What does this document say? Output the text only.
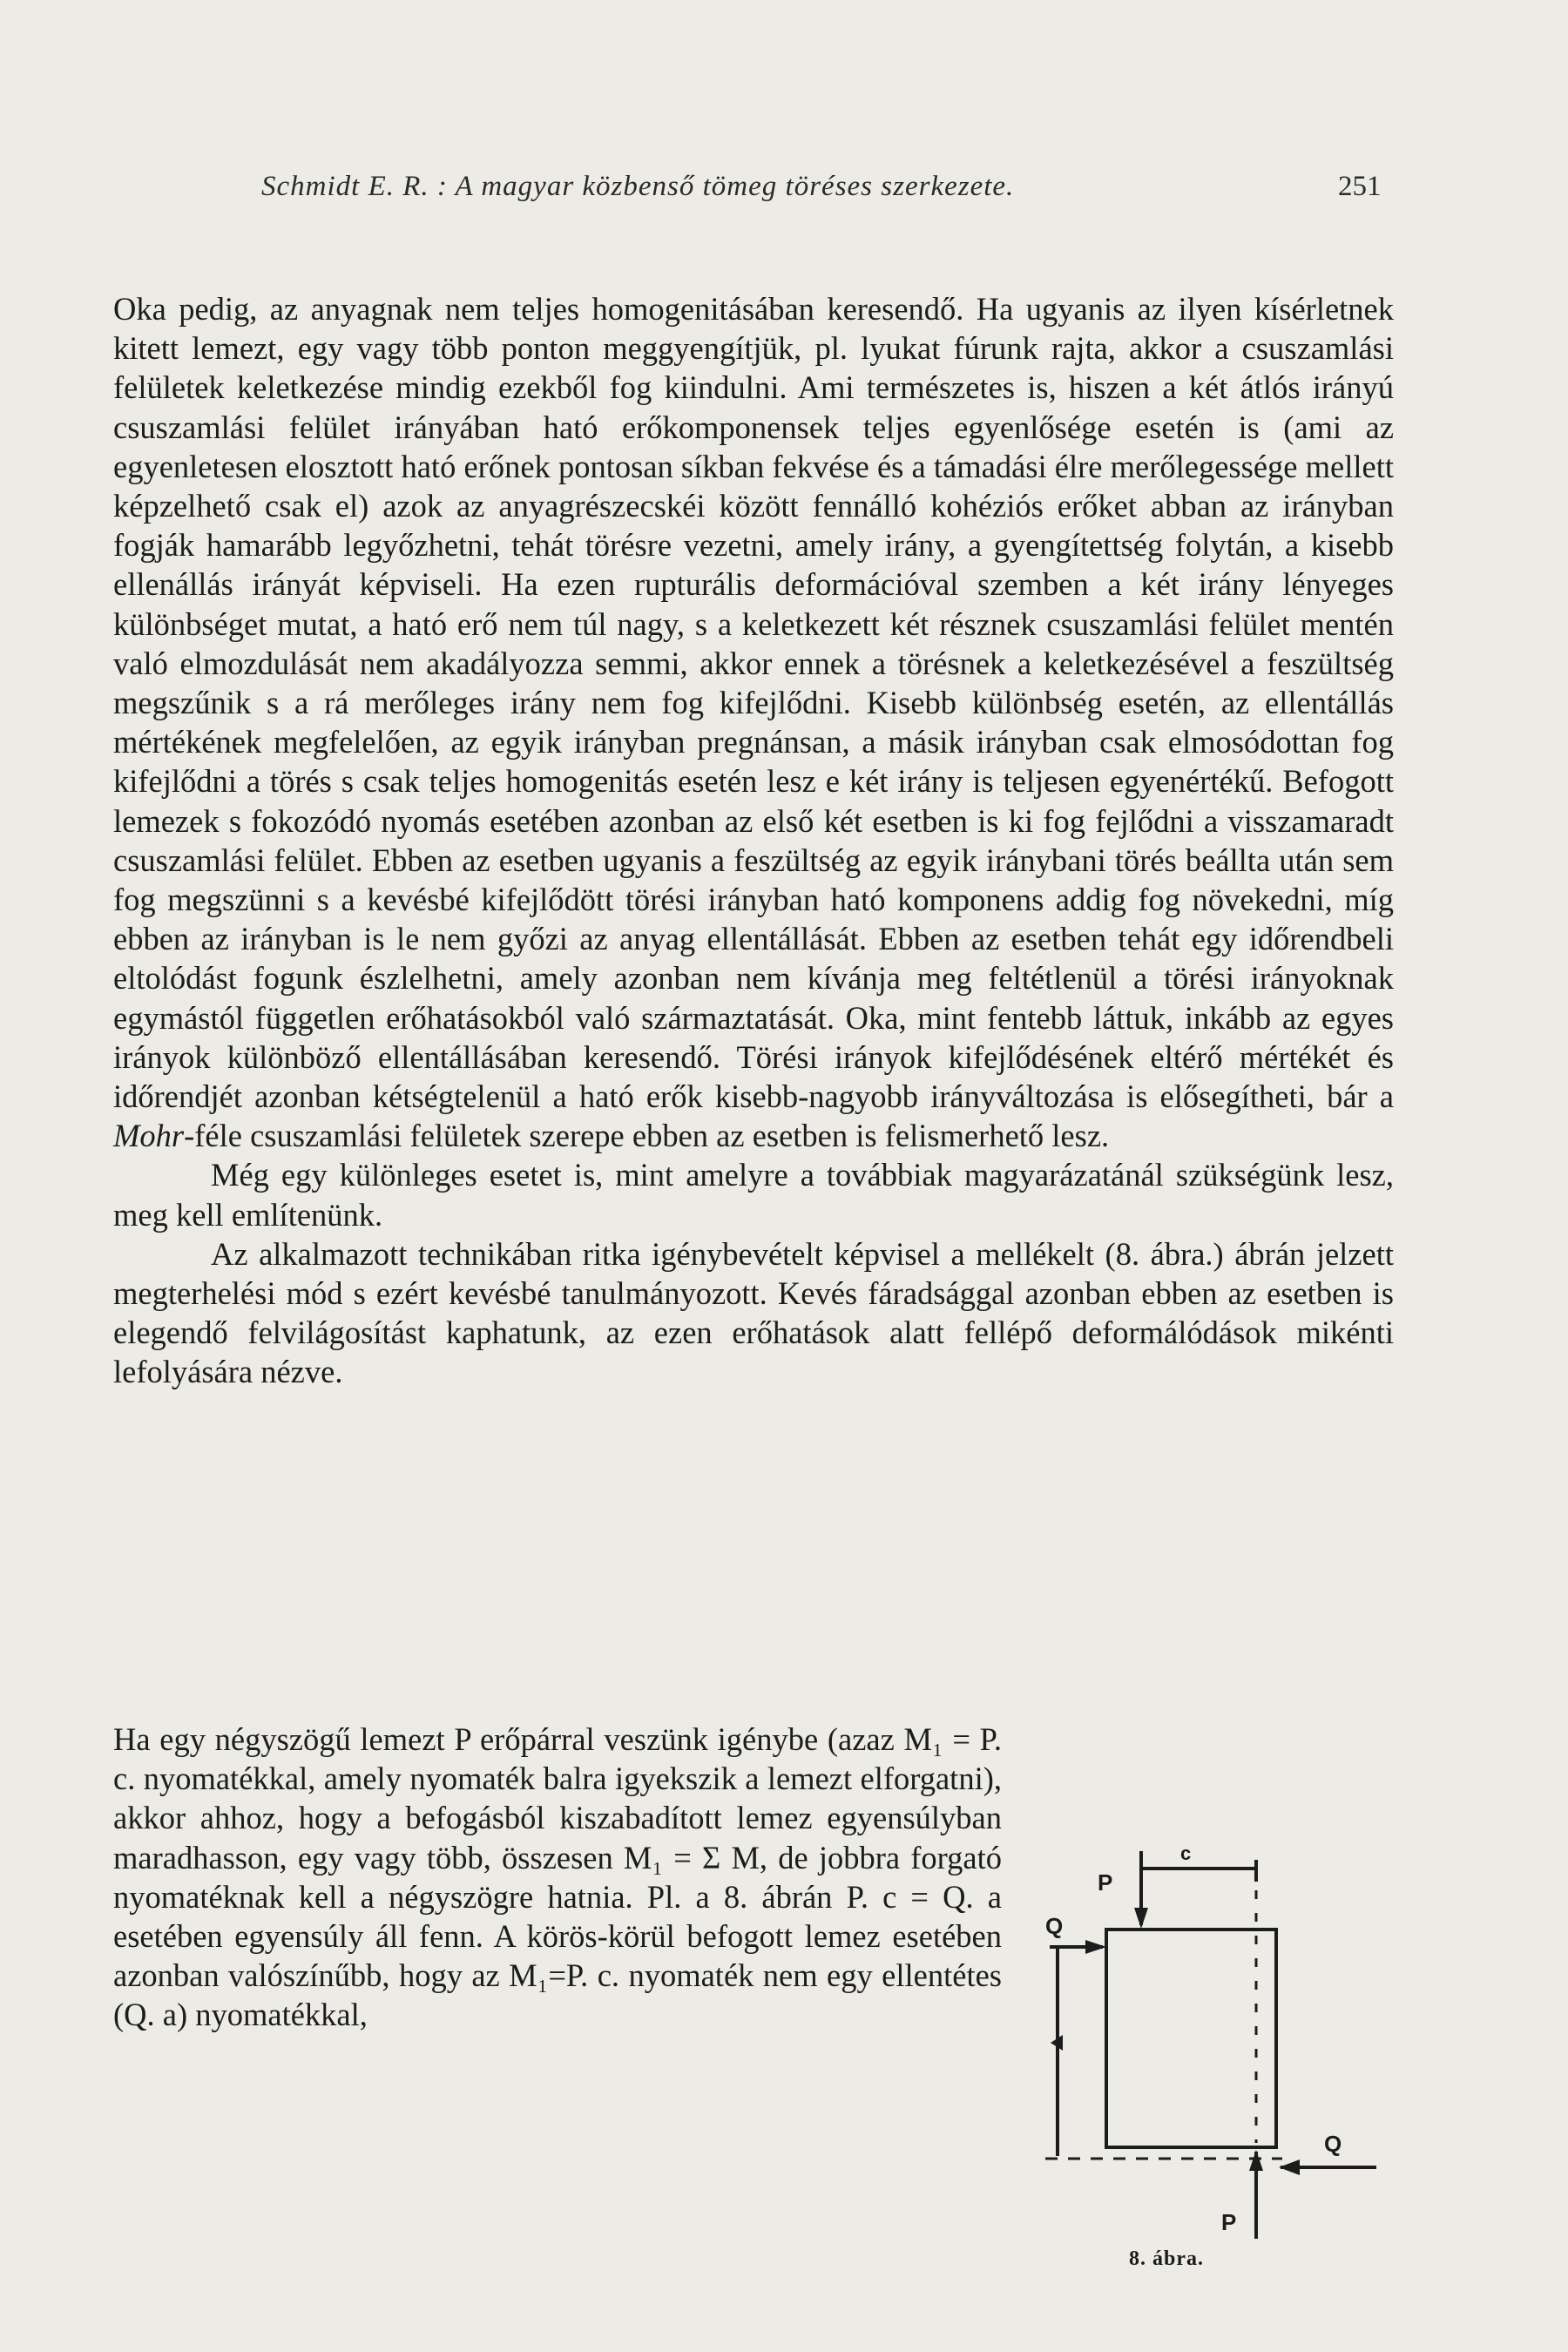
Schmidt E. R. : A magyar közbenső tömeg töréses szerkezete.	251

Oka pedig, az anyagnak nem teljes homogenitásában keresendő. Ha ugyanis az ilyen kísérletnek kitett lemezt, egy vagy több ponton meggyengítjük, pl. lyukat fúrunk rajta, akkor a csuszamlási felületek keletkezése mindig ezekből fog kiindulni. Ami természetes is, hiszen a két átlós irányú csuszamlási felület irányában ható erőkomponensek teljes egyenlősége esetén is (ami az egyenletesen elosztott ható erőnek pontosan síkban fekvése és a támadási élre merőlegessége mellett képzelhető csak el) azok az anyagrészecskéi között fennálló kohéziós erőket abban az irányban fogják hamarább legyőzhetni, tehát törésre vezetni, amely irány, a gyengítettség folytán, a kisebb ellenállás irányát képviseli. Ha ezen rupturális deformációval szemben a két irány lényeges különbséget mutat, a ható erő nem túl nagy, s a keletkezett két résznek csuszamlási felület mentén való elmozdulását nem akadályozza semmi, akkor ennek a törésnek a keletkezésével a feszültség megszűnik s a rá merőleges irány nem fog kifejlődni. Kisebb különbség esetén, az ellentállás mértékének megfelelően, az egyik irányban pregnánsan, a másik irányban csak elmosódottan fog kifejlődni a törés s csak teljes homogenitás esetén lesz e két irány is teljesen egyenértékű. Befogott lemezek s fokozódó nyomás esetében azonban az első két esetben is ki fog fejlődni a visszamaradt csuszamlási felület. Ebben az esetben ugyanis a feszültség az egyik iránybani törés beállta után sem fog megszünni s a kevésbé kifejlődött törési irányban ható komponens addig fog növekedni, míg ebben az irányban is le nem győzi az anyag ellentállását. Ebben az esetben tehát egy időrendbeli eltolódást fogunk észlelhetni, amely azonban nem kívánja meg feltétlenül a törési irányoknak egymástól független erőhatásokból való származtatását. Oka, mint fentebb láttuk, inkább az egyes irányok különböző ellentállásában keresendő. Törési irányok kifejlődésének eltérő mértékét és időrendjét azonban kétségtelenül a ható erők kisebb-nagyobb irányváltozása is elősegítheti, bár a Mohr-féle csuszamlási felületek szerepe ebben az esetben is felismerhető lesz.

Még egy különleges esetet is, mint amelyre a továbbiak magyarázatánál szükségünk lesz, meg kell említenünk.

Az alkalmazott technikában ritka igénybevételt képvisel a mellékelt (8. ábra.) ábrán jelzett megterhelési mód s ezért kevésbé tanulmányozott. Kevés fáradsággal azonban ebben az esetben is elegendő felvilágosítást kaphatunk, az ezen erőhatások alatt fellépő deformálódások mikénti lefolyására nézve.

Ha egy négyszögű lemezt P erőpárral veszünk igénybe (azaz M₁ = P. c. nyomatékkal, amely nyomaték balra igyekszik a lemezt elforgatni), akkor ahhoz, hogy a befogásból kiszabadított lemez egyensúlyban maradhasson, egy vagy több, összesen M₁ = Σ M, de jobbra forgató nyomatéknak kell a négyszögre hatnia. Pl. a 8. ábrán P. c = Q. a esetében egyensúly áll fenn. A körös-körül befogott lemez esetében azonban valószínűbb, hogy az M₁=P. c. nyomaték nem egy ellentétes (Q. a) nyomatékkal,

P
c
Q
Q
P
8. ábra.
